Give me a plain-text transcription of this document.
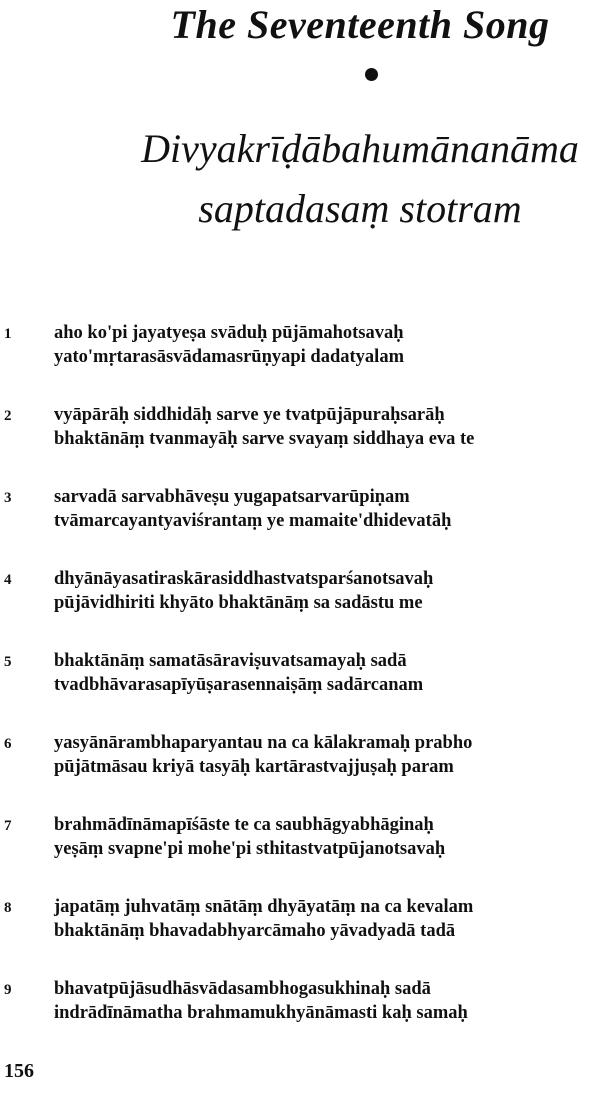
The Seventeenth Song
Divyakrīḍābahumānanāma
saptadasaṃ stotram
1 aho ko'pi jayatyeṣa svāduḥ pūjāmahotsavaḥ
yato'mṛtarasāsvādamasrūṇyapi dadatyalam
2 vyāpārāḥ siddhidāḥ sarve ye tvatpūjāpuraḥsarāḥ
bhaktānāṃ tvanmayāḥ sarve svayaṃ siddhaya eva te
3 sarvadā sarvabhāveṣu yugapatsarvarūpiṇam
tvāmarcayantyaviśrantaṃ ye mamaite'dhidevatāḥ
4 dhyānāyasatiraskārasiddhastvatsparśanotsavaḥ
pūjāvidhiriti khyāto bhaktānāṃ sa sadāstu me
5 bhaktānāṃ samatāsāraviṣuvatsamayaḥ sadā
tvadbhāvarasapīyūṣarasennaiṣāṃ sadārcanam
6 yasyānārambhaparyantau na ca kālakramaḥ prabho
pūjātmāsau kriyā tasyāḥ kartārastvajjuṣaḥ param
7 brahmādīnāmapīśāste te ca saubhāgyabhāginaḥ
yeṣāṃ svapne'pi mohe'pi sthitastvatpūjanotsavaḥ
8 japatāṃ juhvatāṃ snātāṃ dhyāyatāṃ na ca kevalam
bhaktānāṃ bhavadabhyarcāmaho yāvadyadā tadā
9 bhavatpūjāsudhāsvādasambhogasukhinaḥ sadā
indrādīnāmatha brahmamukhyānāmasti kaḥ samaḥ
156
